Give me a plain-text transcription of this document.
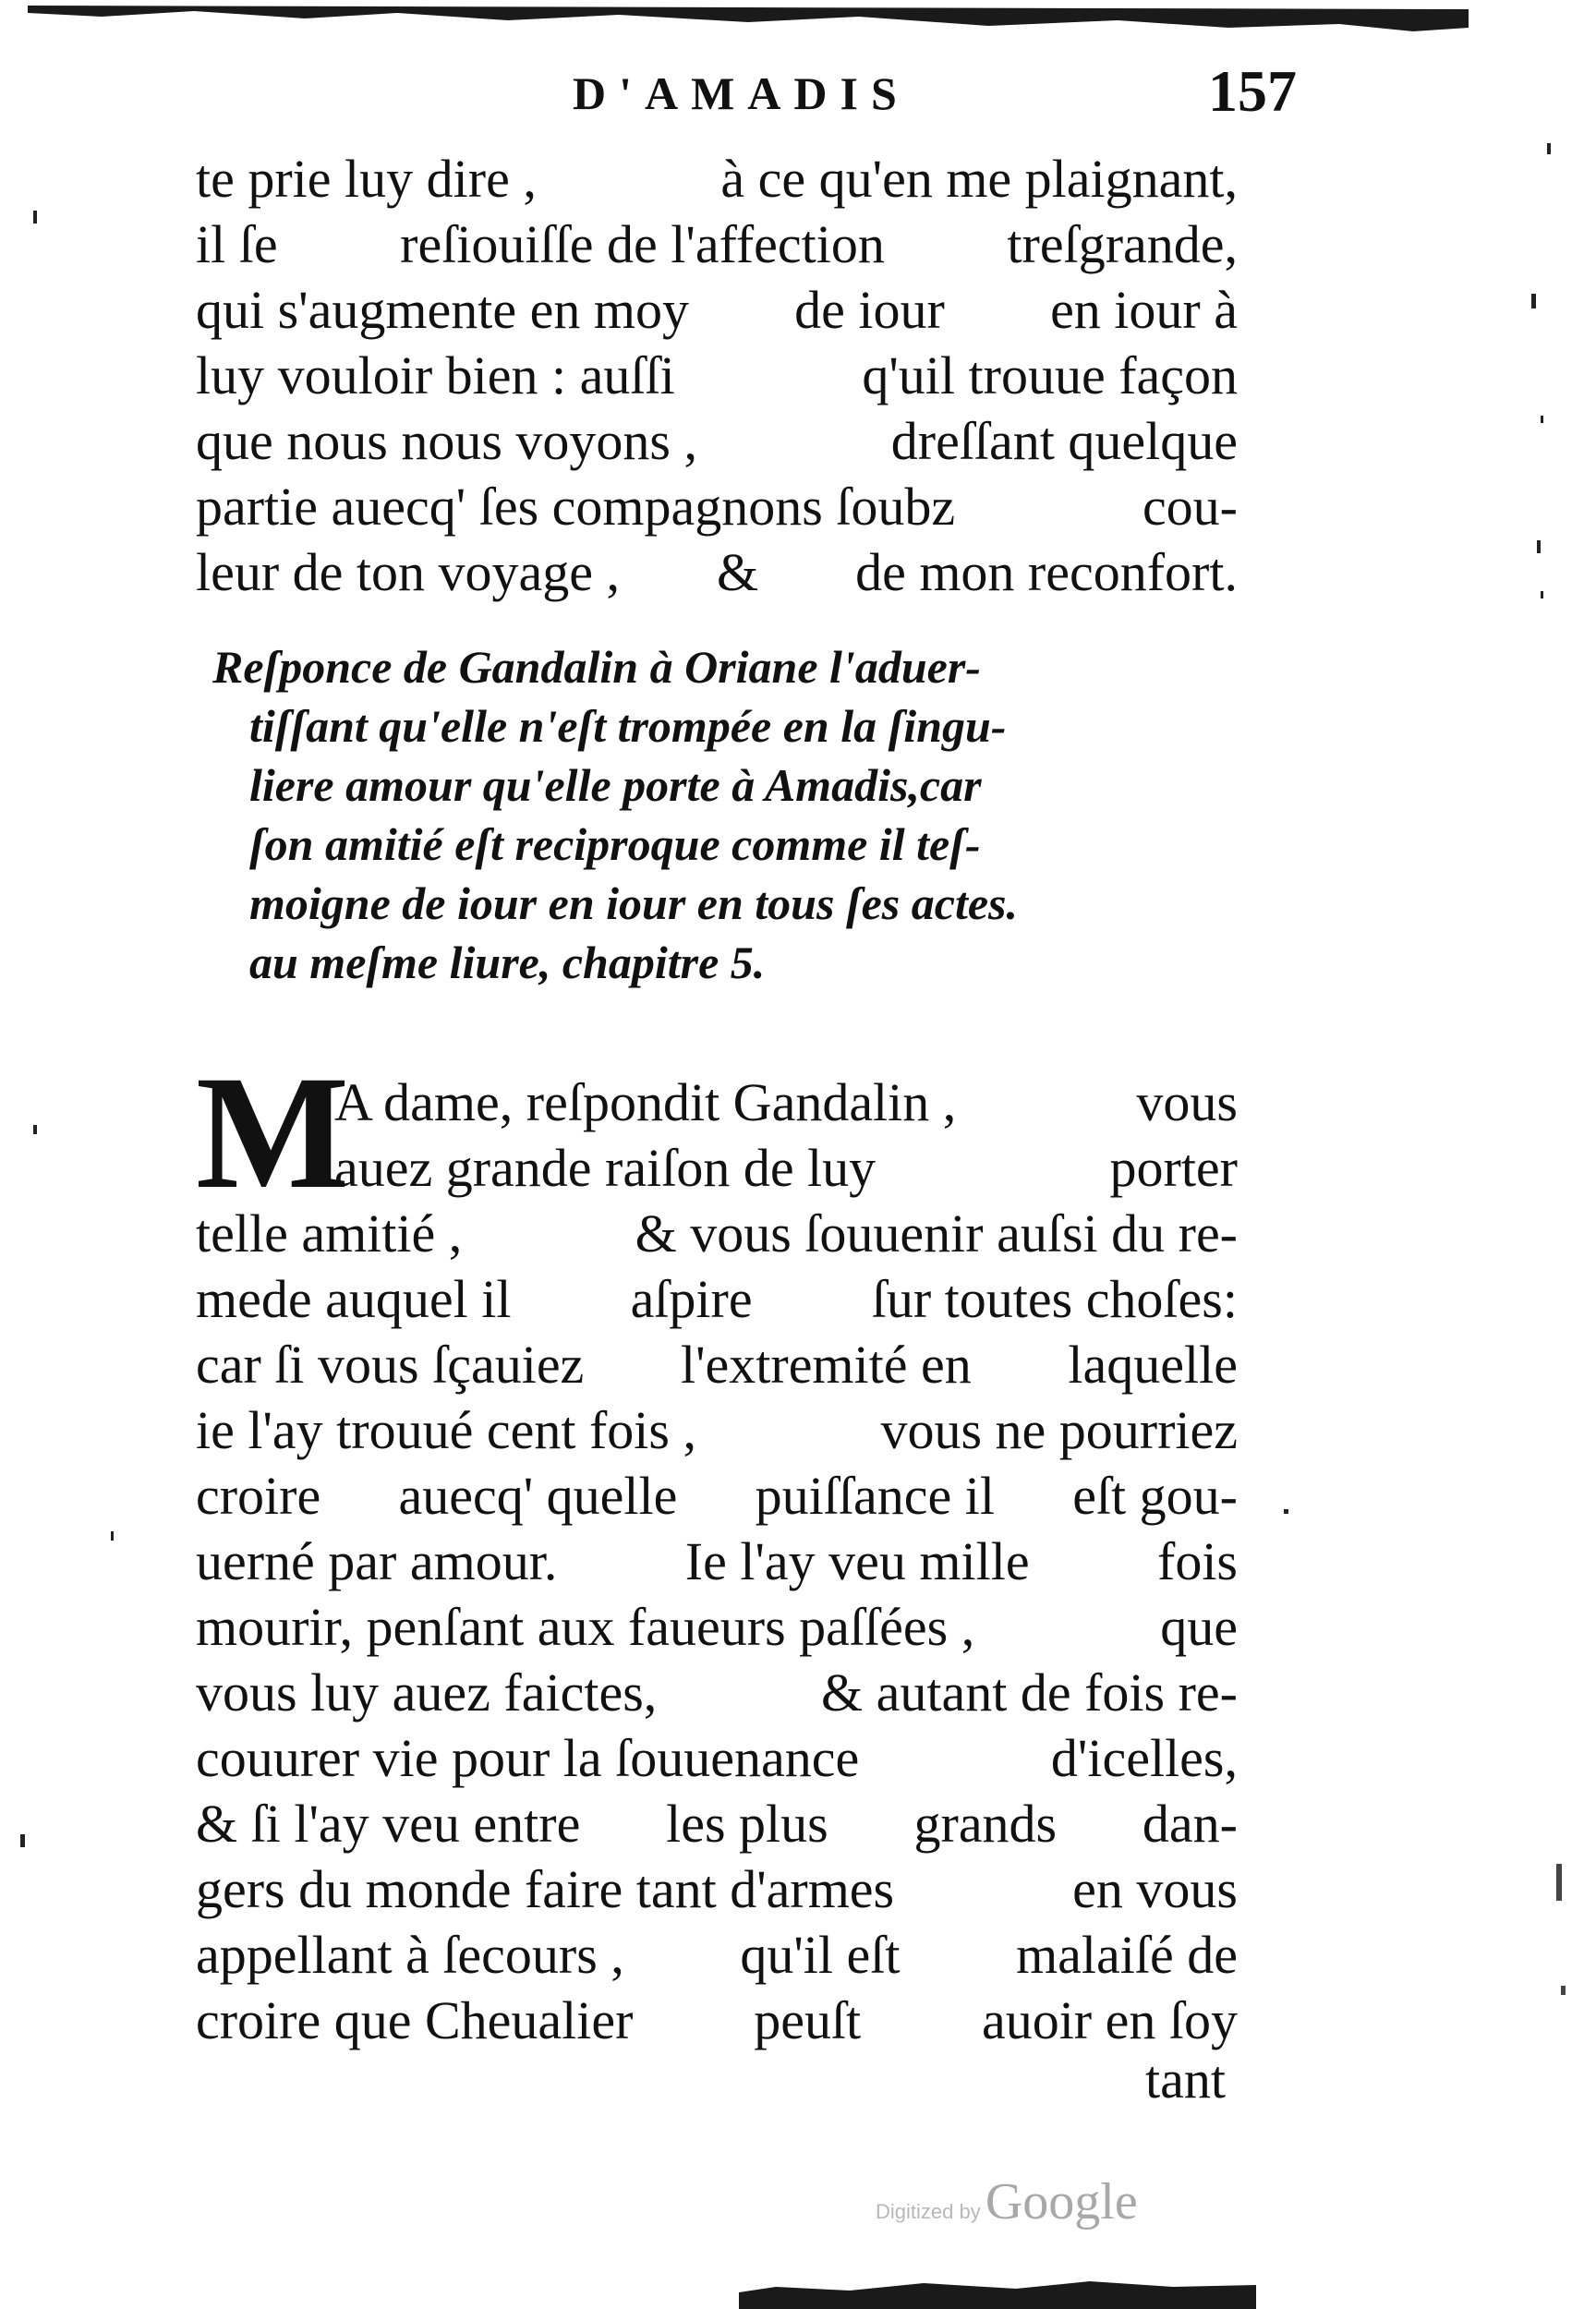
D'AMADIS	157
te prie luy dire ,	à ce qu'en me plaignant,
il ſe reſiouiſſe de l'affection treſgrande,
qui s'augmente en moy de iour en iour à
luy vouloir bien : auſſi	q'uil trouue façon
que nous nous voyons ,	dreſſant quelque
partie auecq' ſes compagnons ſoubz	cou-
leur de ton voyage , & de mon reconfort.
Reſponce de Gandalin à Oriane l'aduer-
tiſſant qu'elle n'eſt trompée en la ſingu-
liere amour qu'elle porte à Amadis,car
ſon amitié eſt reciproque comme il teſ-
moigne de iour en iour en tous ſes actes.
au meſme liure, chapitre 5.
M
A dame, reſpondit Gandalin ,	vous
auez grande raiſon de luy	porter
telle amitié ,	& vous ſouuenir auſsi du re-
mede auquel il aſpire ſur toutes choſes:
car ſi vous ſçauiez l'extremité en laquelle
ie l'ay trouué cent fois ,	vous ne pourriez
croire auecq' quelle puiſſance il eſt gou-
uerné par amour. Ie l'ay veu mille fois
mourir, penſant aux faueurs paſſées ,	que
vous luy auez faictes,	& autant de fois re-
couurer vie pour la ſouuenance	d'icelles,
& ſi l'ay veu entre les plus grands dan-
gers du monde faire tant d'armes	en vous
appellant à ſecours , qu'il eſt malaiſé de
croire que Cheualier peuſt auoir en ſoy
tant
Digitized by Google
